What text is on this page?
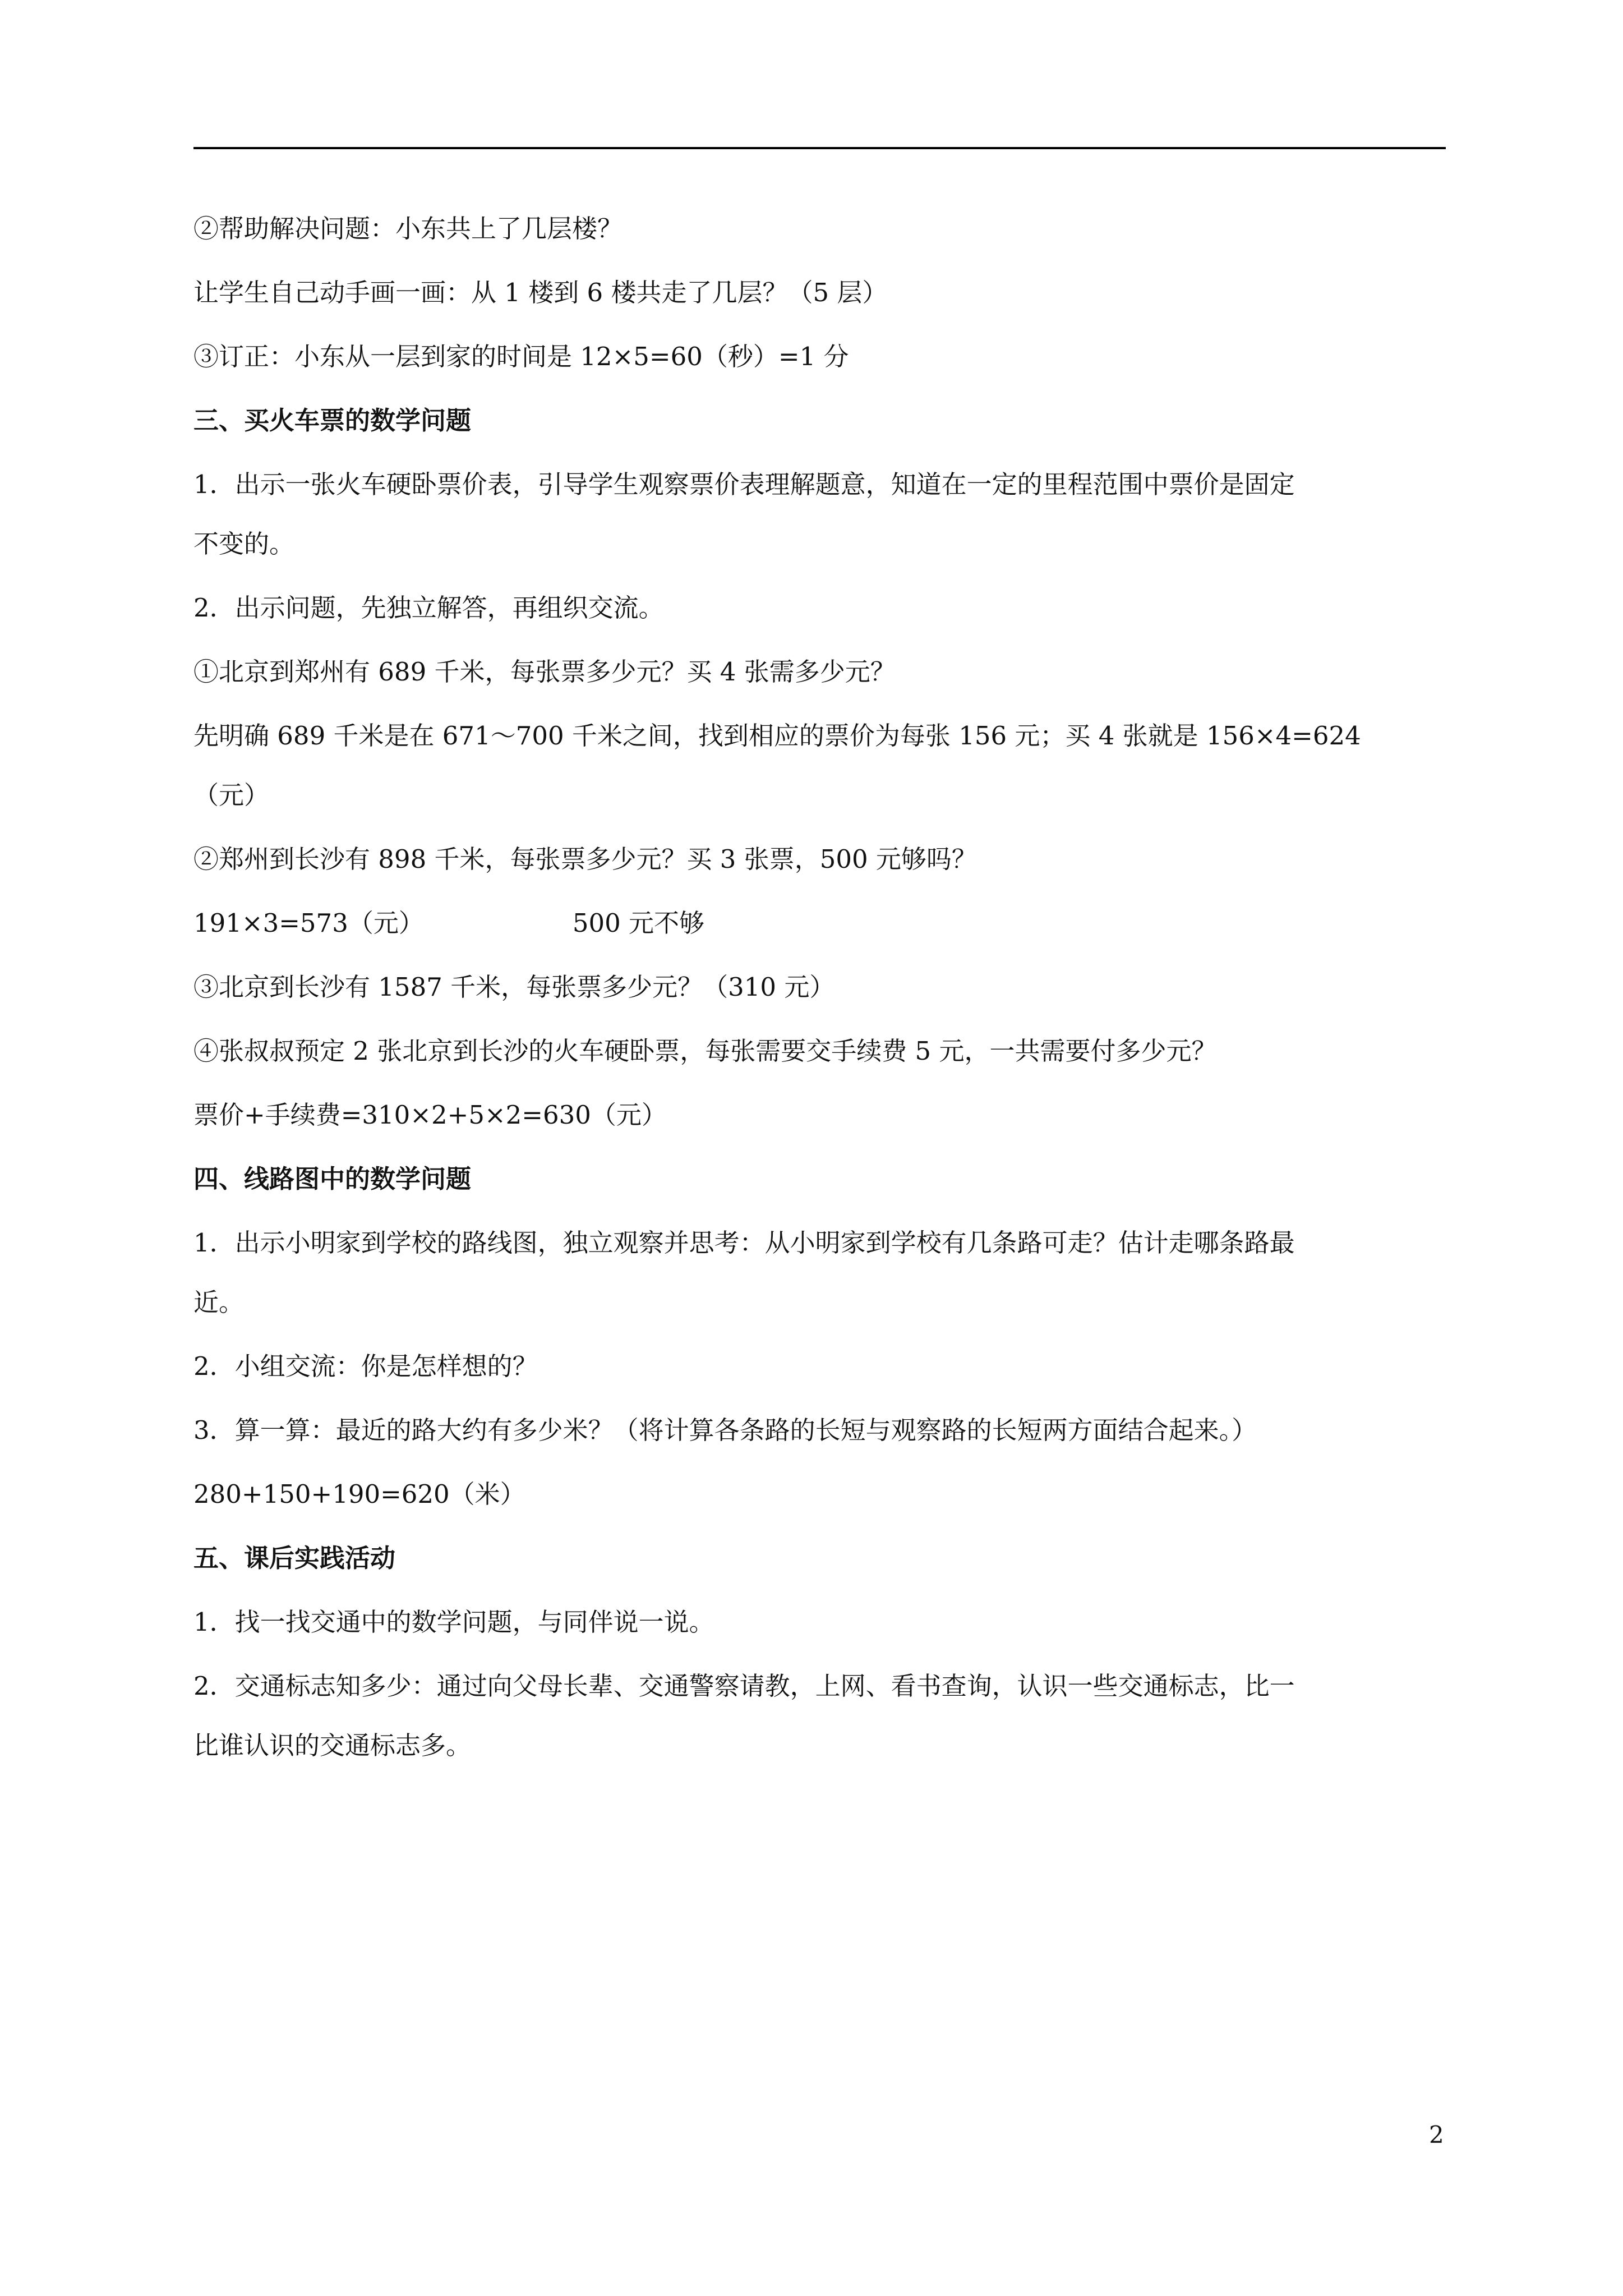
②帮助解决问题：小东共上了几层楼？

让学生自己动手画一画：从 1 楼到 6 楼共走了几层？（5 层）

③订正：小东从一层到家的时间是 12×5=60（秒）=1 分

三、买火车票的数学问题

1．出示一张火车硬卧票价表，引导学生观察票价表理解题意，知道在一定的里程范围中票价是固定

不变的。

2．出示问题，先独立解答，再组织交流。

①北京到郑州有 689 千米，每张票多少元？买 4 张需多少元？

先明确 689 千米是在 671～700 千米之间，找到相应的票价为每张 156 元；买 4 张就是 156×4=624

（元）

②郑州到长沙有 898 千米，每张票多少元？买 3 张票，500 元够吗？

191×3=573（元）	500 元不够

③北京到长沙有 1587 千米，每张票多少元？（310 元）

④张叔叔预定 2 张北京到长沙的火车硬卧票，每张需要交手续费 5 元，一共需要付多少元？

票价+手续费=310×2+5×2=630（元）

四、线路图中的数学问题

1．出示小明家到学校的路线图，独立观察并思考：从小明家到学校有几条路可走？估计走哪条路最

近。

2．小组交流：你是怎样想的？

3．算一算：最近的路大约有多少米？（将计算各条路的长短与观察路的长短两方面结合起来。）

280+150+190=620（米）

五、课后实践活动

1．找一找交通中的数学问题，与同伴说一说。

2．交通标志知多少：通过向父母长辈、交通警察请教，上网、看书查询，认识一些交通标志，比一

比谁认识的交通标志多。

2
